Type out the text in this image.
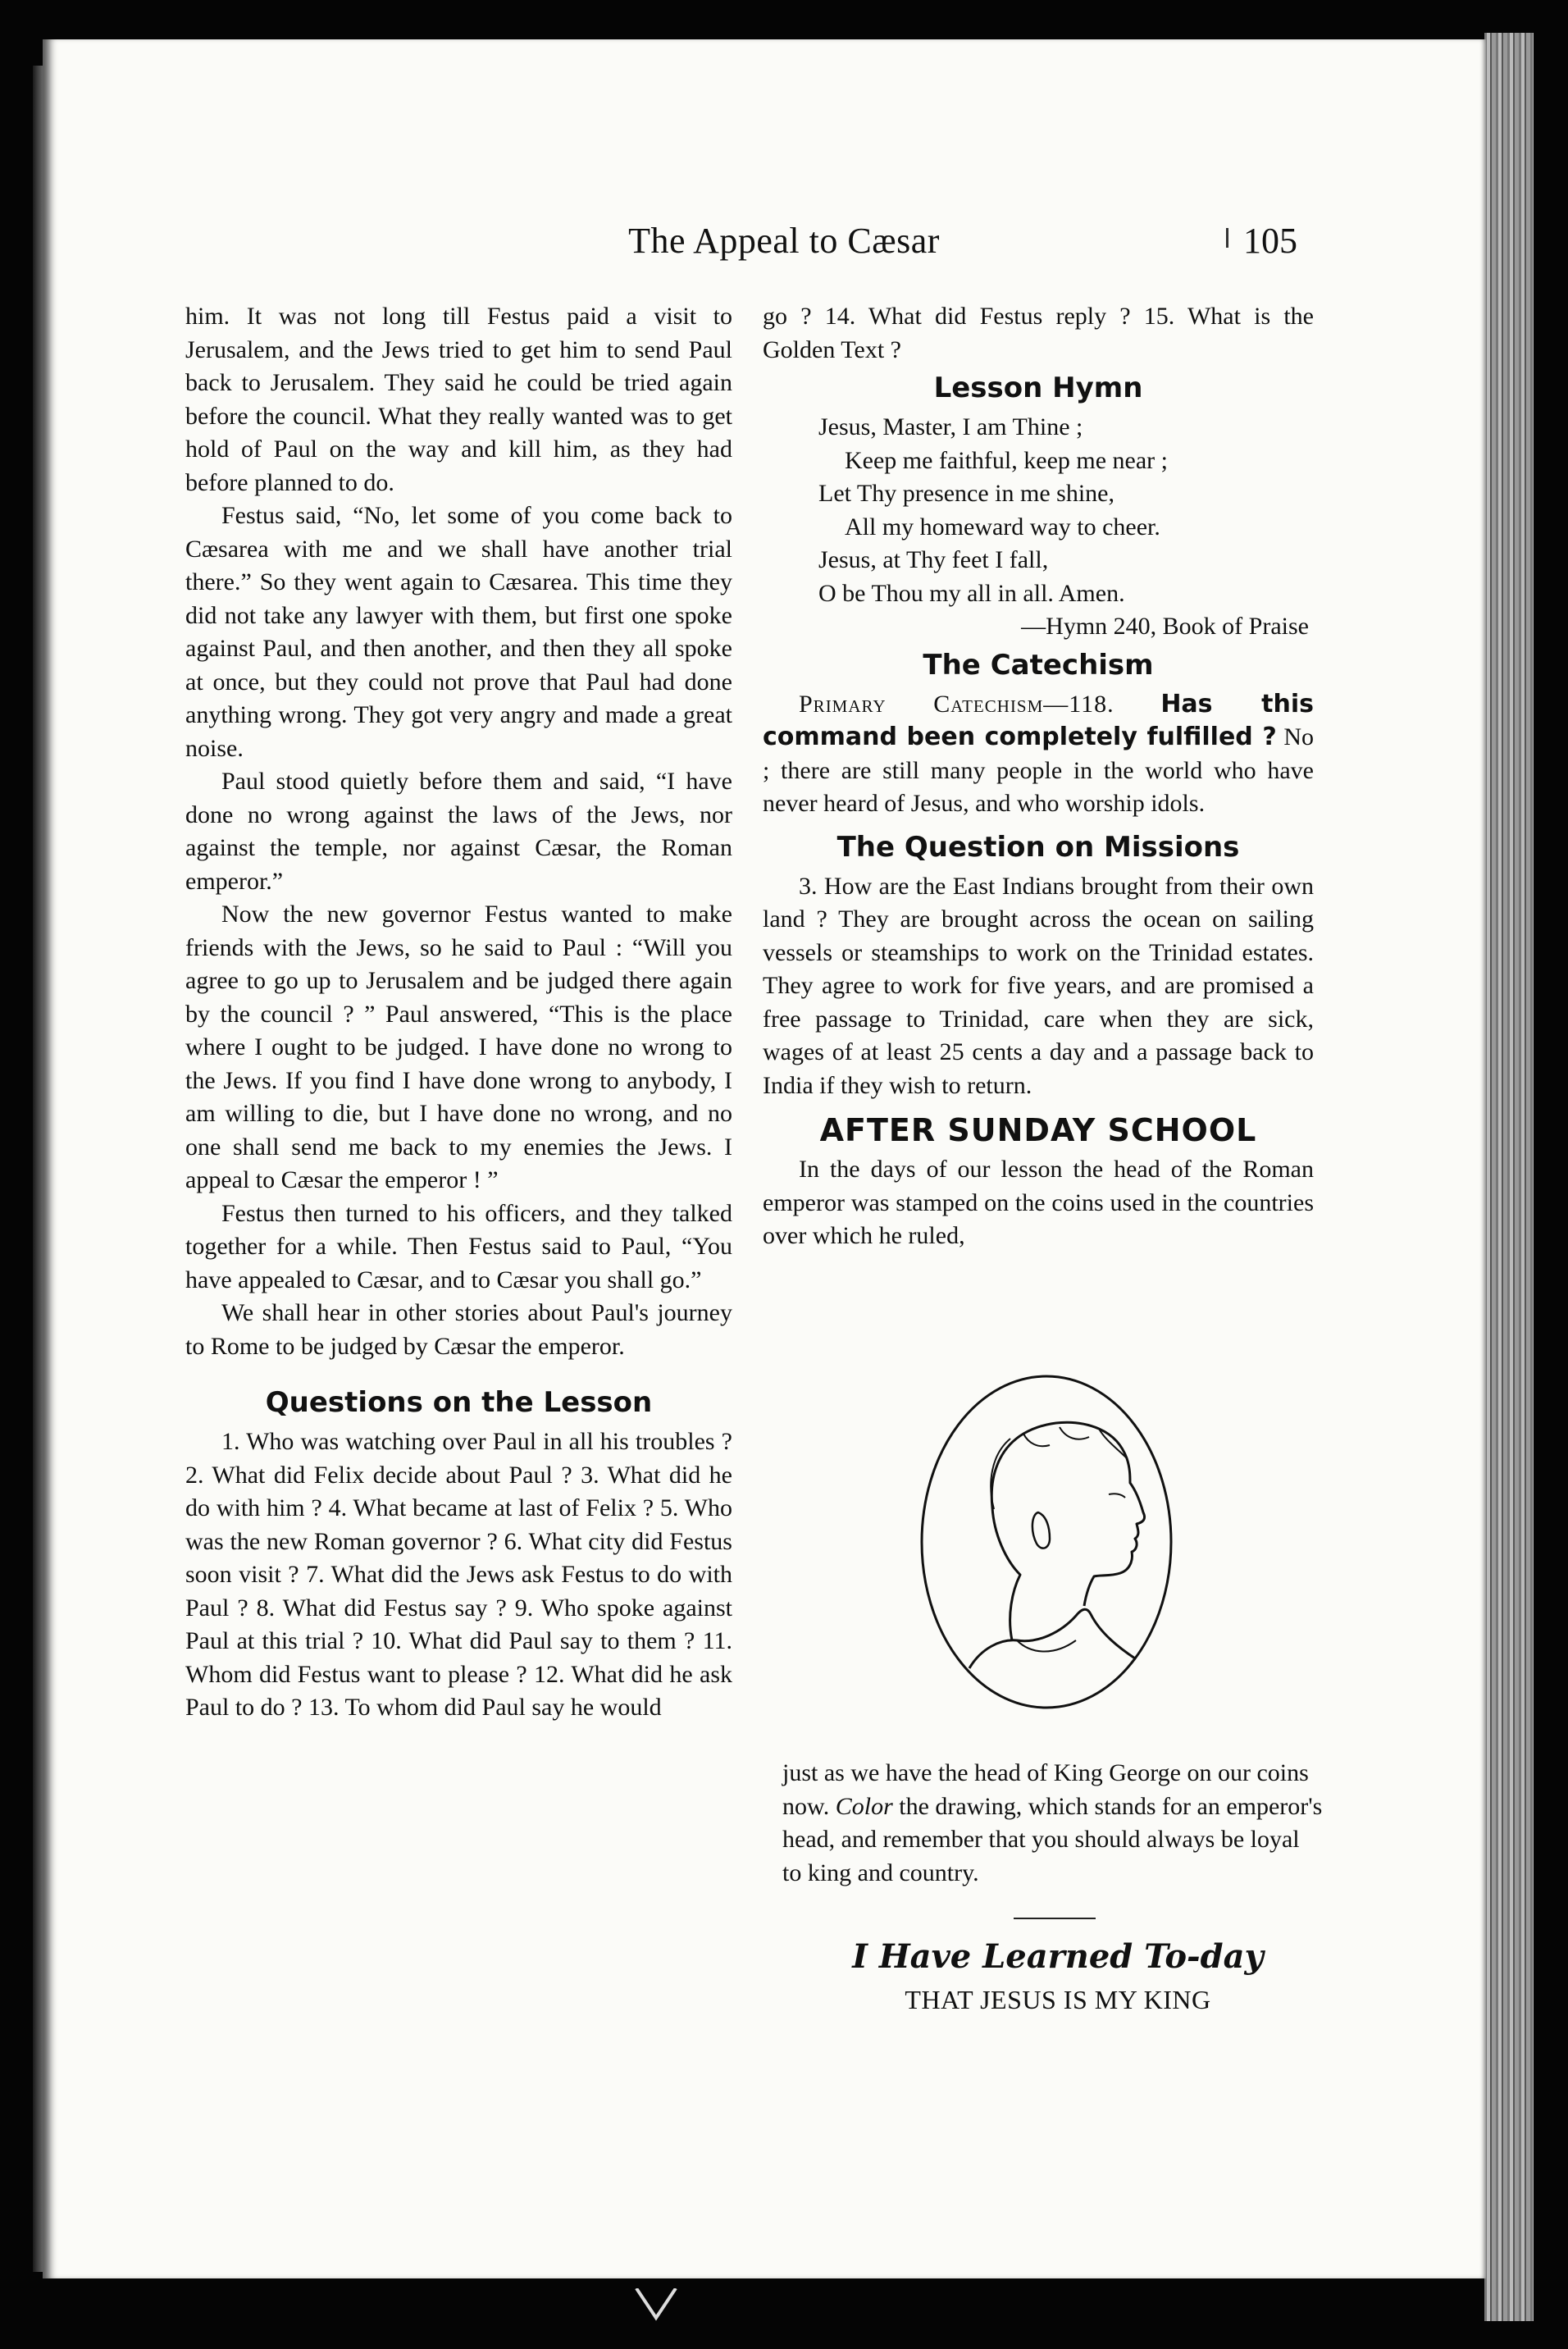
The Appeal to Cæsar	105

him. It was not long till Festus paid a visit to Jerusalem, and the Jews tried to get him to send Paul back to Jerusalem. They said he could be tried again before the council. What they really wanted was to get hold of Paul on the way and kill him, as they had before planned to do.

Festus said, “No, let some of you come back to Cæsarea with me and we shall have another trial there.” So they went again to Cæsarea. This time they did not take any lawyer with them, but first one spoke against Paul, and then another, and then they all spoke at once, but they could not prove that Paul had done anything wrong. They got very angry and made a great noise.

Paul stood quietly before them and said, “I have done no wrong against the laws of the Jews, nor against the temple, nor against Cæsar, the Roman emperor.”

Now the new governor Festus wanted to make friends with the Jews, so he said to Paul : “Will you agree to go up to Jerusalem and be judged there again by the council ? ” Paul answered, “This is the place where I ought to be judged. I have done no wrong to the Jews. If you find I have done wrong to anybody, I am willing to die, but I have done no wrong, and no one shall send me back to my enemies the Jews. I appeal to Cæsar the emperor ! ”

Festus then turned to his officers, and they talked together for a while. Then Festus said to Paul, “You have appealed to Cæsar, and to Cæsar you shall go.”

We shall hear in other stories about Paul's journey to Rome to be judged by Cæsar the emperor.

Questions on the Lesson

1. Who was watching over Paul in all his troubles ? 2. What did Felix decide about Paul ? 3. What did he do with him ? 4. What became at last of Felix ? 5. Who was the new Roman governor ? 6. What city did Festus soon visit ? 7. What did the Jews ask Festus to do with Paul ? 8. What did Festus say ? 9. Who spoke against Paul at this trial ? 10. What did Paul say to them ? 11. Whom did Festus want to please ? 12. What did he ask Paul to do ? 13. To whom did Paul say he would

go ? 14. What did Festus reply ? 15. What is the Golden Text ?

Lesson Hymn
Jesus, Master, I am Thine ;
Keep me faithful, keep me near ;
Let Thy presence in me shine,
All my homeward way to cheer.
Jesus, at Thy feet I fall,
O be Thou my all in all. Amen.
—Hymn 240, Book of Praise
The Catechism

Primary Catechism—118. Has this command been completely fulfilled ? No ; there are still many people in the world who have never heard of Jesus, and who worship idols.

The Question on Missions

3. How are the East Indians brought from their own land ? They are brought across the ocean on sailing vessels or steamships to work on the Trinidad estates. They agree to work for five years, and are promised a free passage to Trinidad, care when they are sick, wages of at least 25 cents a day and a passage back to India if they wish to return.

AFTER SUNDAY SCHOOL

In the days of our lesson the head of the Roman emperor was stamped on the coins used in the countries over which he ruled,

just as we have the head of King George on our coins now. Color the drawing, which stands for an emperor's head, and remember that you should always be loyal to king and country.

I Have Learned To-day
THAT JESUS IS MY KING
